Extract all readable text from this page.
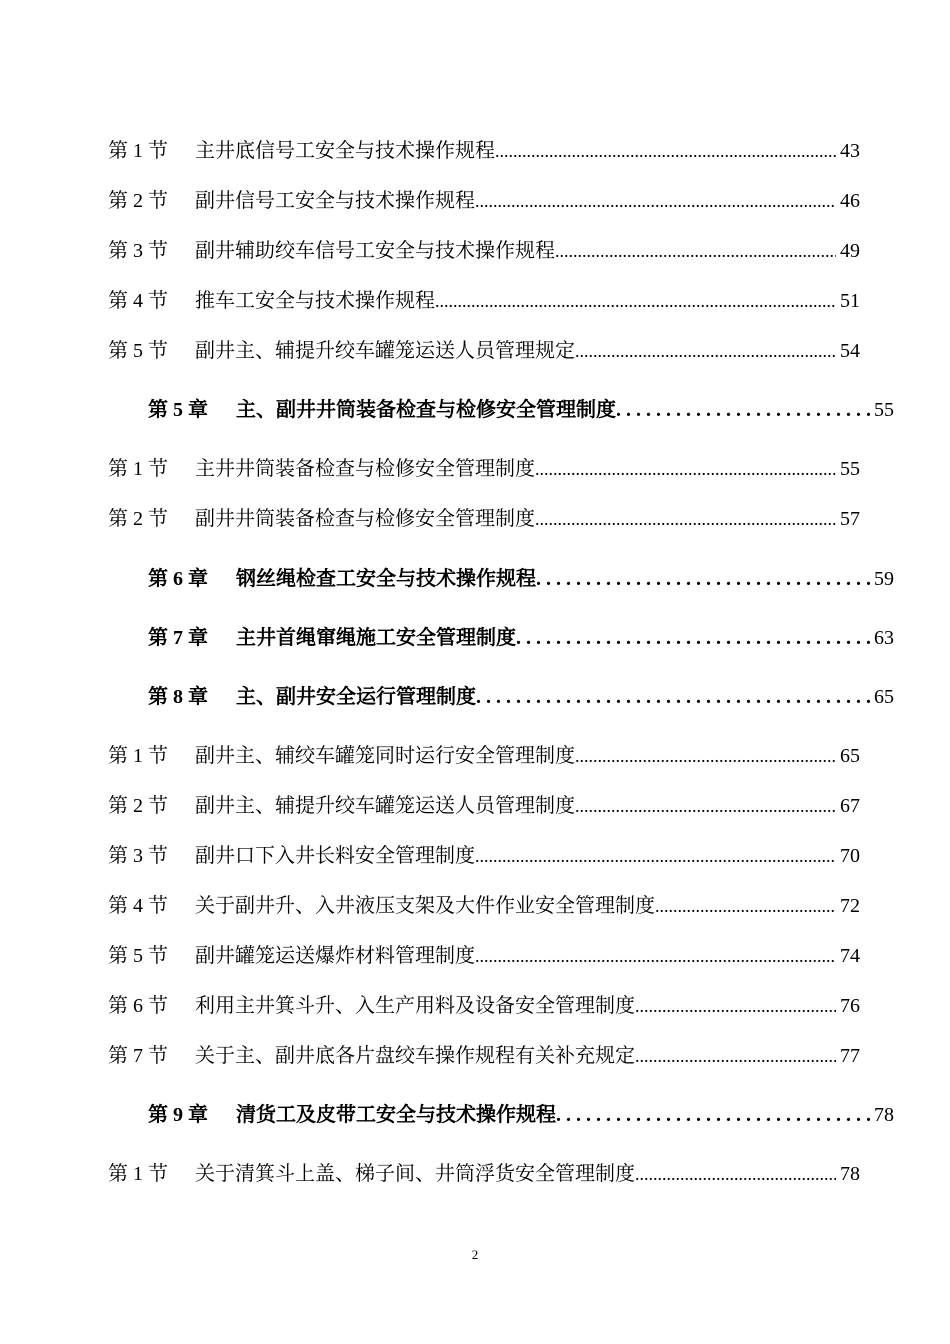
第 1 节	主井底信号工安全与技术操作规程 .....	43
第 2 节	副井信号工安全与技术操作规程 .....	46
第 3 节	副井辅助绞车信号工安全与技术操作规程 .....	49
第 4 节	推车工安全与技术操作规程 .....	51
第 5 节	副井主、辅提升绞车罐笼运送人员管理规定 .....	54
第 5 章	主、副井井筒装备检查与检修安全管理制度 . . .	55
第 1 节	主井井筒装备检查与检修安全管理制度 .....	55
第 2 节	副井井筒装备检查与检修安全管理制度 .....	57
第 6 章	钢丝绳检查工安全与技术操作规程 . . .	59
第 7 章	主井首绳窜绳施工安全管理制度 . . .	63
第 8 章	主、副井安全运行管理制度 . . .	65
第 1 节	副井主、辅绞车罐笼同时运行安全管理制度 .....	65
第 2 节	副井主、辅提升绞车罐笼运送人员管理制度 .....	67
第 3 节	副井口下入井长料安全管理制度 .....	70
第 4 节	关于副井升、入井液压支架及大件作业安全管理制度 .....	72
第 5 节	副井罐笼运送爆炸材料管理制度 .....	74
第 6 节	利用主井箕斗升、入生产用料及设备安全管理制度 .....	76
第 7 节	关于主、副井底各片盘绞车操作规程有关补充规定 .....	77
第 9 章	清货工及皮带工安全与技术操作规程 . . .	78
第 1 节	关于清箕斗上盖、梯子间、井筒浮货安全管理制度 .....	78
2
